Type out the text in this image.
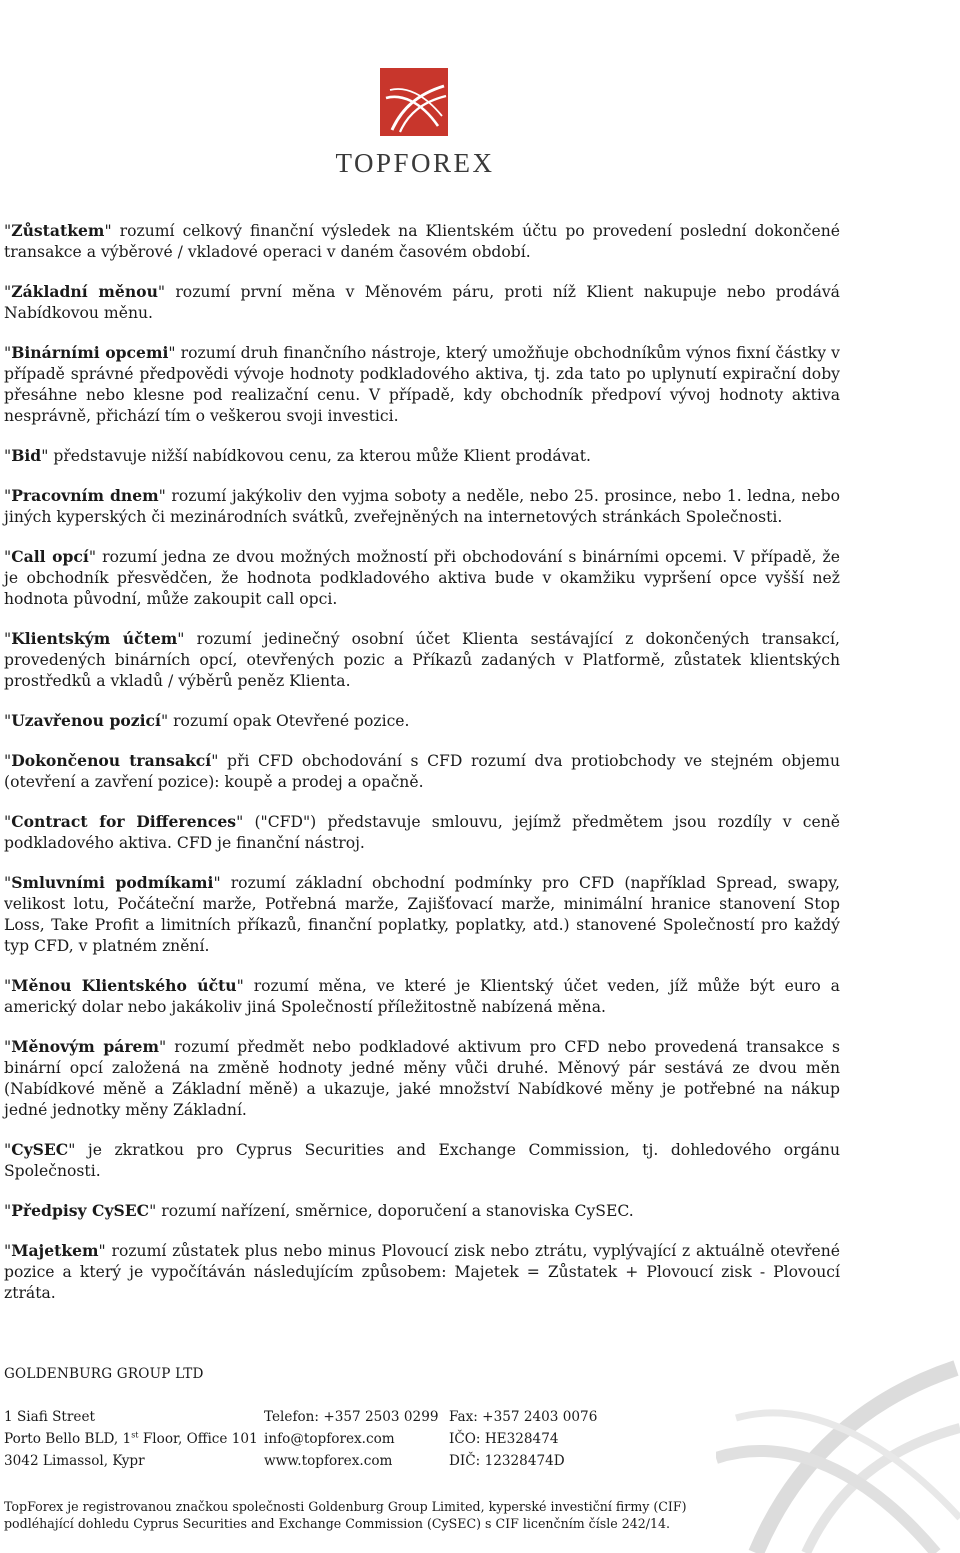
TOPFOREX

"Zůstatkem" rozumí celkový finanční výsledek na Klientském účtu po provedení poslední dokončené transakce a výběrové / vkladové operaci v daném časovém období.

"Základní měnou" rozumí první měna v Měnovém páru, proti níž Klient nakupuje nebo prodává Nabídkovou měnu.

"Binárními opcemi" rozumí druh finančního nástroje, který umožňuje obchodníkům výnos fixní částky v případě správné předpovědi vývoje hodnoty podkladového aktiva, tj. zda tato po uplynutí expirační doby přesáhne nebo klesne pod realizační cenu. V případě, kdy obchodník předpoví vývoj hodnoty aktiva nesprávně, přichází tím o veškerou svoji investici.

"Bid" představuje nižší nabídkovou cenu, za kterou může Klient prodávat.

"Pracovním dnem" rozumí jakýkoliv den vyjma soboty a neděle, nebo 25. prosince, nebo 1. ledna, nebo jiných kyperských či mezinárodních svátků, zveřejněných na internetových stránkách Společnosti.

"Call opcí" rozumí jedna ze dvou možných možností při obchodování s binárními opcemi. V případě, že je obchodník přesvědčen, že hodnota podkladového aktiva bude v okamžiku vypršení opce vyšší než hodnota původní, může zakoupit call opci.

"Klientským účtem" rozumí jedinečný osobní účet Klienta sestávající z dokončených transakcí, provedených binárních opcí, otevřených pozic a Příkazů zadaných v Platformě, zůstatek klientských prostředků a vkladů / výběrů peněz Klienta.

"Uzavřenou pozicí" rozumí opak Otevřené pozice.

"Dokončenou transakcí" při CFD obchodování s CFD rozumí dva protiobchody ve stejném objemu (otevření a zavření pozice): koupě a prodej a opačně.

"Contract for Differences" ("CFD") představuje smlouvu, jejímž předmětem jsou rozdíly v ceně podkladového aktiva. CFD je finanční nástroj.

"Smluvními podmíkami" rozumí základní obchodní podmínky pro CFD (například Spread, swapy, velikost lotu, Počáteční marže, Potřebná marže, Zajišťovací marže, minimální hranice stanovení Stop Loss, Take Profit a limitních příkazů, finanční poplatky, poplatky, atd.) stanovené Společností pro každý typ CFD, v platném znění.

"Měnou Klientského účtu" rozumí měna, ve které je Klientský účet veden, jíž může být euro a americký dolar nebo jakákoliv jiná Společností příležitostně nabízená měna.

"Měnovým párem" rozumí předmět nebo podkladové aktivum pro CFD nebo provedená transakce s binární opcí založená na změně hodnoty jedné měny vůči druhé. Měnový pár sestává ze dvou měn (Nabídkové měně a Základní měně) a ukazuje, jaké množství Nabídkové měny je potřebné na nákup jedné jednotky měny Základní.

"CySEC" je zkratkou pro Cyprus Securities and Exchange Commission, tj. dohledového orgánu Společnosti.

"Předpisy CySEC" rozumí nařízení, směrnice, doporučení a stanoviska CySEC.

"Majetkem" rozumí zůstatek plus nebo minus Plovoucí zisk nebo ztrátu, vyplývající z aktuálně otevřené pozice a který je vypočítáván následujícím způsobem: Majetek = Zůstatek + Plovoucí zisk - Plovoucí ztráta.

GOLDENBURG GROUP LTD
1 Siafi Street
Porto Bello BLD, 1st Floor, Office 101
3042 Limassol, Kypr
Telefon: +357 2503 0299
info@topforex.com
www.topforex.com
Fax: +357 2403 0076
IČO: HE328474
DIČ: 12328474D
TopForex je registrovanou značkou společnosti Goldenburg Group Limited, kyperské investiční firmy (CIF) podléhající dohledu Cyprus Securities and Exchange Commission (CySEC) s CIF licenčním čísle 242/14.
